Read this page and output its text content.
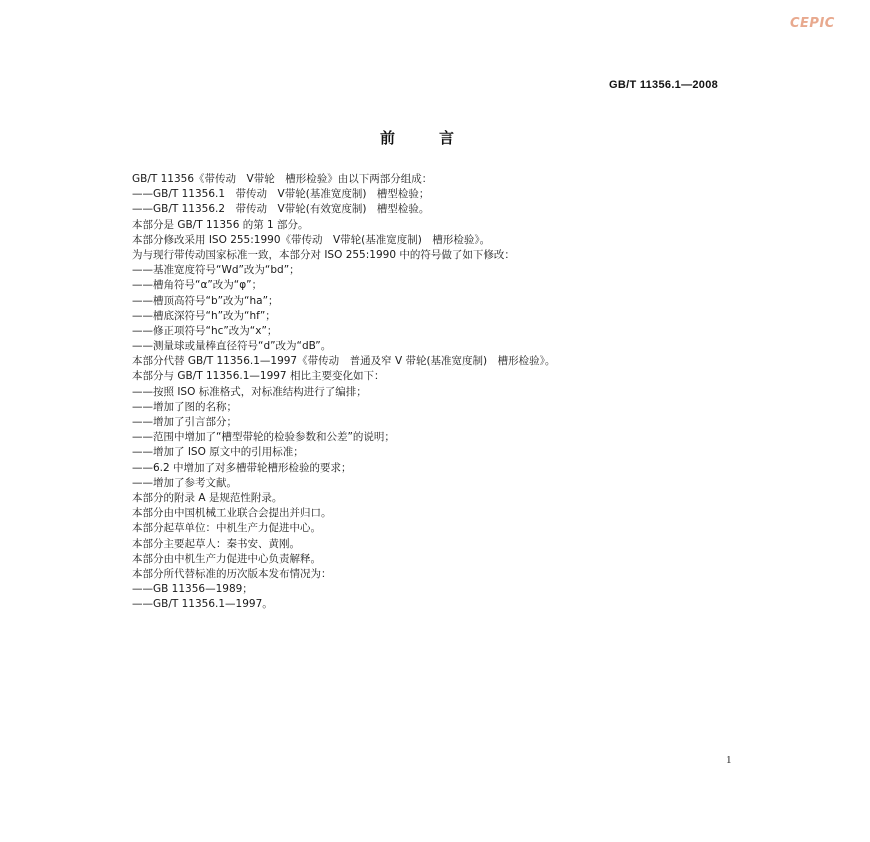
CEPIC
GB/T 11356.1—2008
前言
GB/T 11356《带传动　V带轮　槽形检验》由以下两部分组成：
——GB/T 11356.1　带传动　V带轮(基准宽度制)　槽型检验；
——GB/T 11356.2　带传动　V带轮(有效宽度制)　槽型检验。
本部分是 GB/T 11356 的第 1 部分。
本部分修改采用 ISO 255:1990《带传动　V带轮(基准宽度制)　槽形检验》。
为与现行带传动国家标准一致，本部分对 ISO 255:1990 中的符号做了如下修改：
——基准宽度符号“Wd”改为“bd”；
——槽角符号“α”改为“φ”；
——槽顶高符号“b”改为“ha”；
——槽底深符号“h”改为“hf”；
——修正项符号“hc”改为“x”；
——测量球或量棒直径符号“d”改为“dB”。
本部分代替 GB/T 11356.1—1997《带传动　普通及窄 V 带轮(基准宽度制)　槽形检验》。
本部分与 GB/T 11356.1—1997 相比主要变化如下：
——按照 ISO 标准格式，对标准结构进行了编排；
——增加了图的名称；
——增加了引言部分；
——范围中增加了“槽型带轮的检验参数和公差”的说明；
——增加了 ISO 原文中的引用标准；
——6.2 中增加了对多槽带轮槽形检验的要求；
——增加了参考文献。
本部分的附录 A 是规范性附录。
本部分由中国机械工业联合会提出并归口。
本部分起草单位：中机生产力促进中心。
本部分主要起草人：秦书安、黄刚。
本部分由中机生产力促进中心负责解释。
本部分所代替标准的历次版本发布情况为：
——GB 11356—1989；
——GB/T 11356.1—1997。
1
